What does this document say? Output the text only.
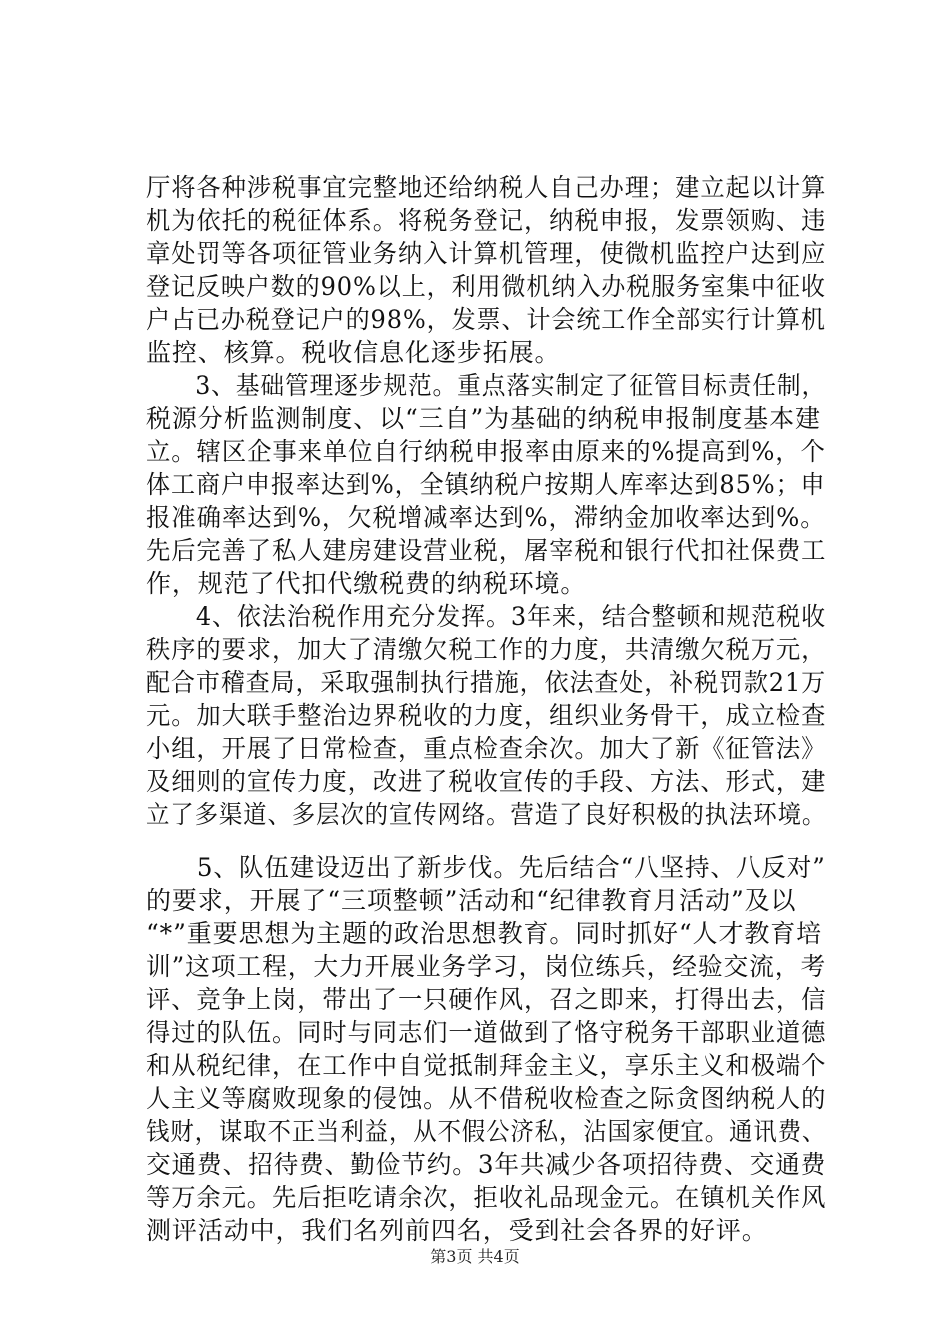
厅将各种涉税事宜完整地还给纳税人自己办理；建立起以计算
机为依托的税征体系。将税务登记，纳税申报，发票领购、违
章处罚等各项征管业务纳入计算机管理，使微机监控户达到应
登记反映户数的90%以上，利用微机纳入办税服务室集中征收
户占已办税登记户的98%，发票、计会统工作全部实行计算机
监控、核算。税收信息化逐步拓展。
　　3、基础管理逐步规范。重点落实制定了征管目标责任制，
税源分析监测制度、以“三自”为基础的纳税申报制度基本建
立。辖区企事来单位自行纳税申报率由原来的%提高到%，个
体工商户申报率达到%，全镇纳税户按期人库率达到85%；申
报准确率达到%，欠税增减率达到%，滞纳金加收率达到%。
先后完善了私人建房建设营业税，屠宰税和银行代扣社保费工
作，规范了代扣代缴税费的纳税环境。
　　4、依法治税作用充分发挥。3年来，结合整顿和规范税收
秩序的要求，加大了清缴欠税工作的力度，共清缴欠税万元，
配合市稽查局，采取强制执行措施，依法查处，补税罚款21万
元。加大联手整治边界税收的力度，组织业务骨干，成立检查
小组，开展了日常检查，重点检查余次。加大了新《征管法》
及细则的宣传力度，改进了税收宣传的手段、方法、形式，建
立了多渠道、多层次的宣传网络。营造了良好积极的执法环境。
　　5、队伍建设迈出了新步伐。先后结合“八坚持、八反对”
的要求，开展了“三项整顿”活动和“纪律教育月活动”及以
“*”重要思想为主题的政治思想教育。同时抓好“人才教育培
训”这项工程，大力开展业务学习，岗位练兵，经验交流，考
评、竞争上岗，带出了一只硬作风，召之即来，打得出去，信
得过的队伍。同时与同志们一道做到了恪守税务干部职业道德
和从税纪律，在工作中自觉抵制拜金主义，享乐主义和极端个
人主义等腐败现象的侵蚀。从不借税收检查之际贪图纳税人的
钱财，谋取不正当利益，从不假公济私，沾国家便宜。通讯费、
交通费、招待费、勤俭节约。3年共减少各项招待费、交通费
等万余元。先后拒吃请余次，拒收礼品现金元。在镇机关作风
测评活动中，我们名列前四名，受到社会各界的好评。
第3页 共4页
